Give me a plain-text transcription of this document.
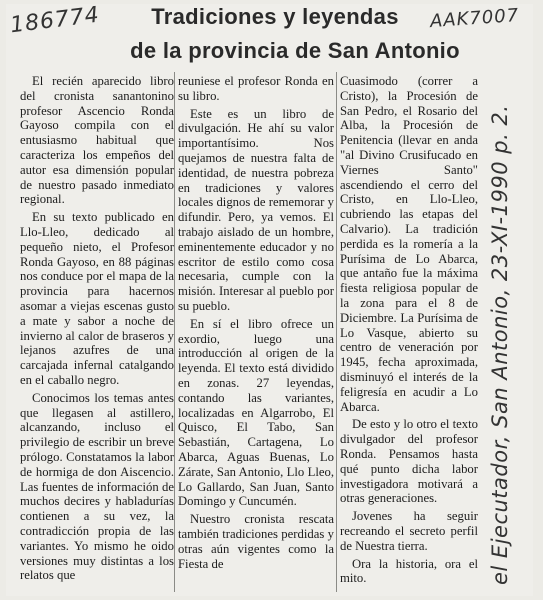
186774	AAK7007
Tradiciones y leyendas
de la provincia de San Antonio

El recién aparecido libro del cronista sanantonino profesor Ascencio Ronda Gayoso compila con el entusiasmo habitual que caracteriza los empeños del autor esa dimensión popular de nuestro pasado inmediato regional.

En su texto publicado en Llo-Lleo, dedicado al pequeño nieto, el Profesor Ronda Gayoso, en 88 páginas nos conduce por el mapa de la provincia para hacernos asomar a viejas escenas gusto a mate y sabor a noche de invierno al calor de braseros y lejanos azufres de una carcajada infernal catalgando en el caballo negro.

Conocimos los temas antes que llegasen al astillero, alcanzando, incluso el privilegio de escribir un breve prólogo. Constatamos la labor de hormiga de don Aiscencio. Las fuentes de información de muchos decires y habladurías contienen a su vez, la contradicción propia de las variantes. Yo mismo he oido versiones muy distintas a los relatos que

reuniese el profesor Ronda en su libro.

Este es un libro de divulgación. He ahí su valor importantísimo. Nos quejamos de nuestra falta de identidad, de nuestra pobreza en tradiciones y valores locales dignos de rememorar y difundir. Pero, ya vemos. El trabajo aislado de un hombre, eminentemente educador y no escritor de estilo como cosa necesaria, cumple con la misión. Interesar al pueblo por su pueblo.

En sí el libro ofrece un exordio, luego una introducción al origen de la leyenda. El texto está dividido en zonas. 27 leyendas, contando las variantes, localizadas en Algarrobo, El Quisco, El Tabo, San Sebastián, Cartagena, Lo Abarca, Aguas Buenas, Lo Zárate, San Antonio, Llo Lleo, Lo Gallardo, San Juan, Santo Domingo y Cuncumén.

Nuestro cronista rescata también tradiciones perdidas y otras aún vigentes como la Fiesta de

Cuasimodo (correr a Cristo), la Procesión de San Pedro, el Rosario del Alba, la Procesión de Penitencia (llevar en anda "al Divino Crusifucado en Viernes Santo" ascendiendo el cerro del Cristo, en Llo-Lleo, cubriendo las etapas del Calvario). La tradición perdida es la romería a la Purísima de Lo Abarca, que antaño fue la máxima fiesta religiosa popular de la zona para el 8 de Diciembre. La Purísima de Lo Vasque, abierto su centro de veneración por 1945, fecha aproximada, disminuyó el interés de la feligresía en acudir a Lo Abarca.

De esto y lo otro el texto divulgador del profesor Ronda. Pensamos hasta qué punto dicha labor investigadora motivará a otras generaciones.

Jovenes ha seguir recreando el secreto perfil de Nuestra tierra.

Ora la historia, ora el mito.	el Ejecutador, San Antonio, 23-XI-1990 p. 2.
